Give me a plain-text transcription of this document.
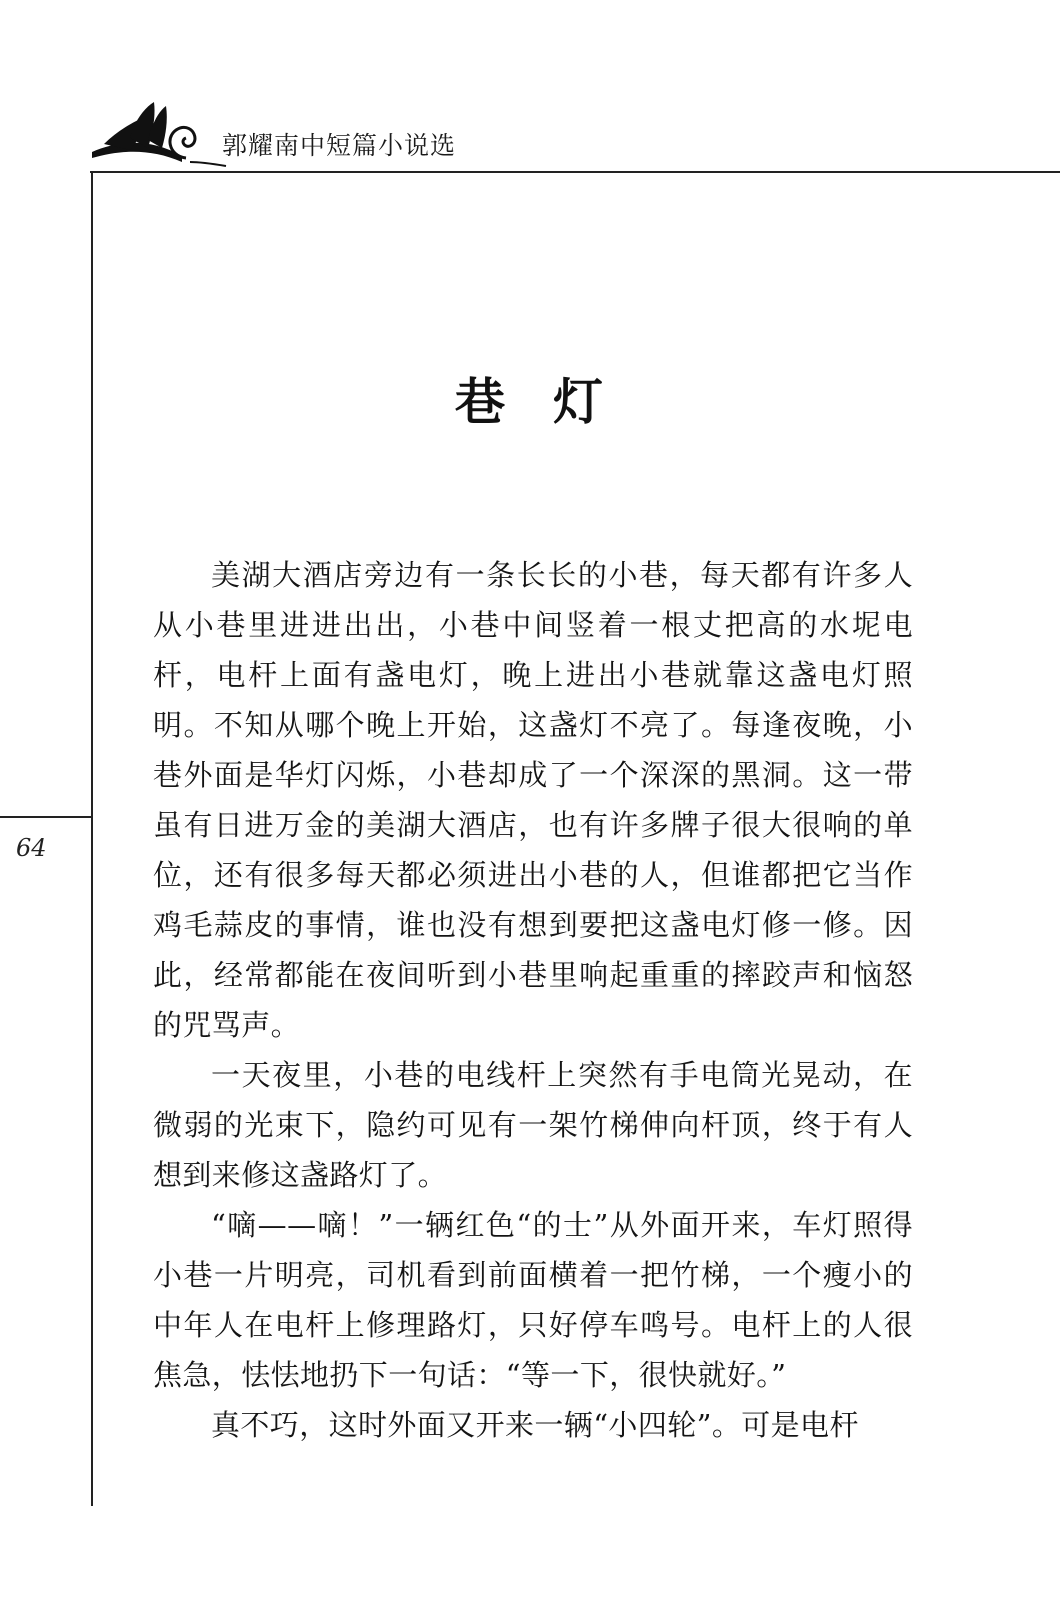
郭耀南中短篇小说选
64
巷灯

美湖大酒店旁边有一条长长的小巷，每天都有许多人从小巷里进进出出，小巷中间竖着一根丈把高的水坭电杆，电杆上面有盏电灯，晚上进出小巷就靠这盏电灯照明。不知从哪个晚上开始，这盏灯不亮了。每逢夜晚，小巷外面是华灯闪烁，小巷却成了一个深深的黑洞。这一带虽有日进万金的美湖大酒店，也有许多牌子很大很响的单位，还有很多每天都必须进出小巷的人，但谁都把它当作鸡毛蒜皮的事情，谁也没有想到要把这盏电灯修一修。因此，经常都能在夜间听到小巷里响起重重的摔跤声和恼怒的咒骂声。

一天夜里，小巷的电线杆上突然有手电筒光晃动，在微弱的光束下，隐约可见有一架竹梯伸向杆顶，终于有人想到来修这盏路灯了。

“嘀——嘀！”一辆红色“的士”从外面开来，车灯照得小巷一片明亮，司机看到前面横着一把竹梯，一个瘦小的中年人在电杆上修理路灯，只好停车鸣号。电杆上的人很焦急，怯怯地扔下一句话：“等一下，很快就好。”

真不巧，这时外面又开来一辆“小四轮”。可是电杆
